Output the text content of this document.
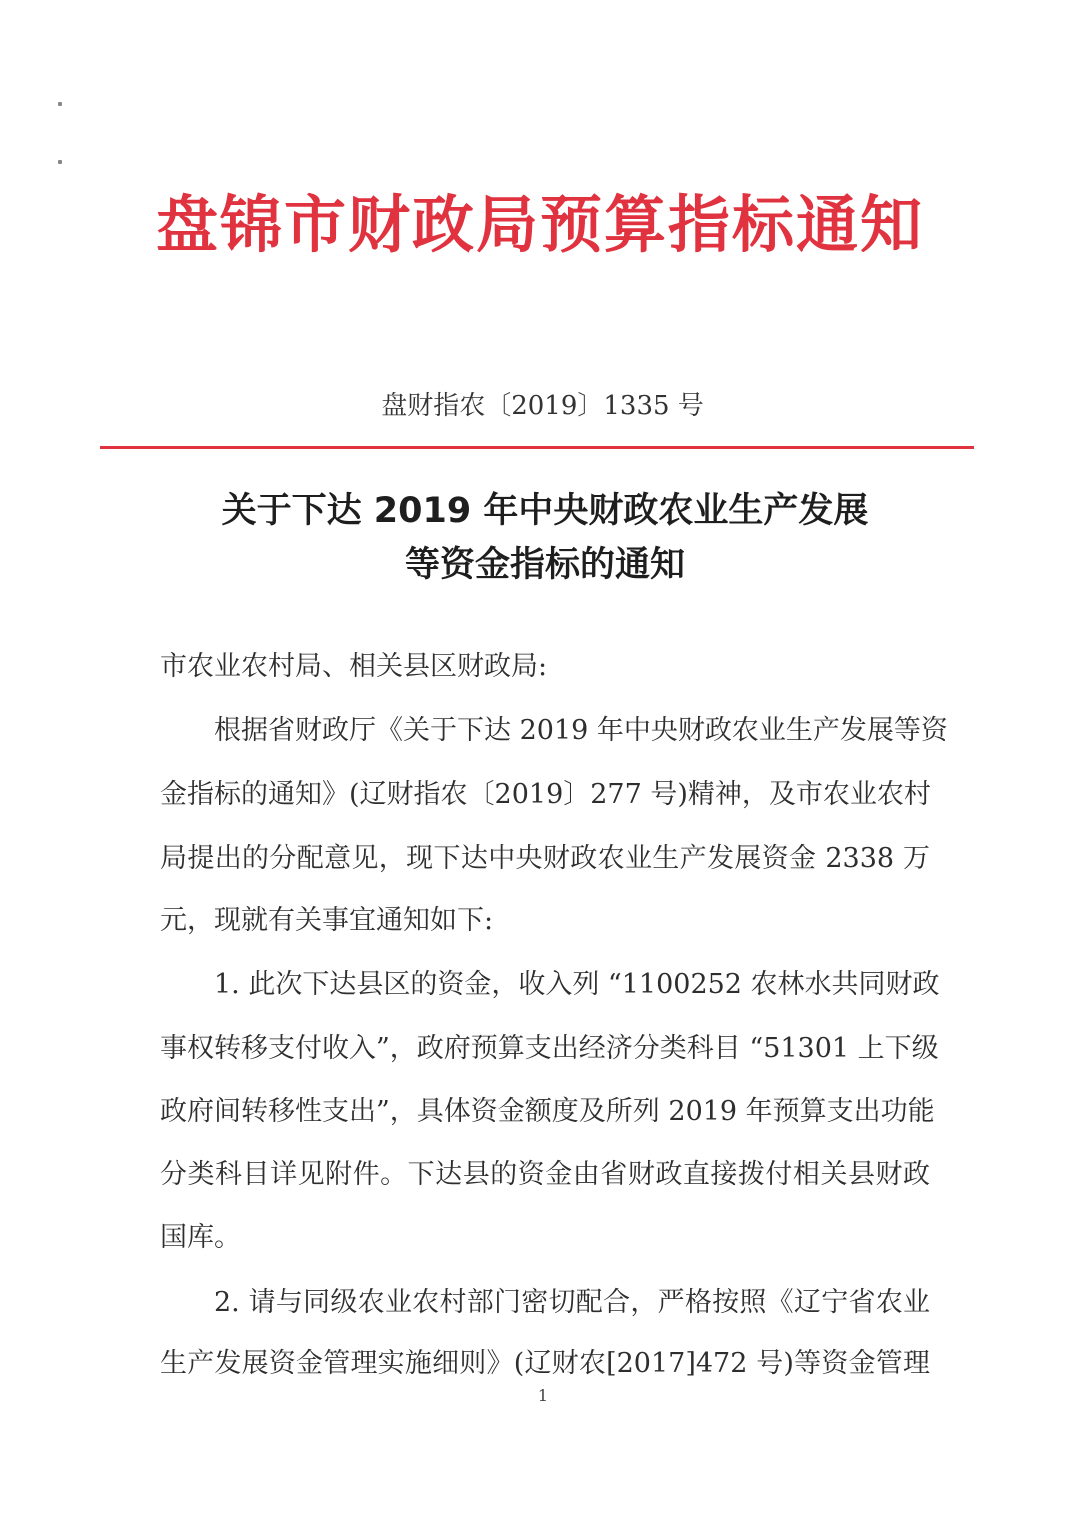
盘锦市财政局预算指标通知
盘财指农〔2019〕1335 号
关于下达 2019 年中央财政农业生产发展
等资金指标的通知
市农业农村局、相关县区财政局:
根据省财政厅《关于下达 2019 年中央财政农业生产发展等资
金指标的通知》(辽财指农〔2019〕277 号)精神，及市农业农村
局提出的分配意见，现下达中央财政农业生产发展资金 2338 万
元，现就有关事宜通知如下:
1. 此次下达县区的资金，收入列 “1100252 农林水共同财政
事权转移支付收入”，政府预算支出经济分类科目 “51301 上下级
政府间转移性支出”，具体资金额度及所列 2019 年预算支出功能
分类科目详见附件。下达县的资金由省财政直接拨付相关县财政
国库。
2. 请与同级农业农村部门密切配合，严格按照《辽宁省农业
生产发展资金管理实施细则》(辽财农[2017]472 号)等资金管理
1
